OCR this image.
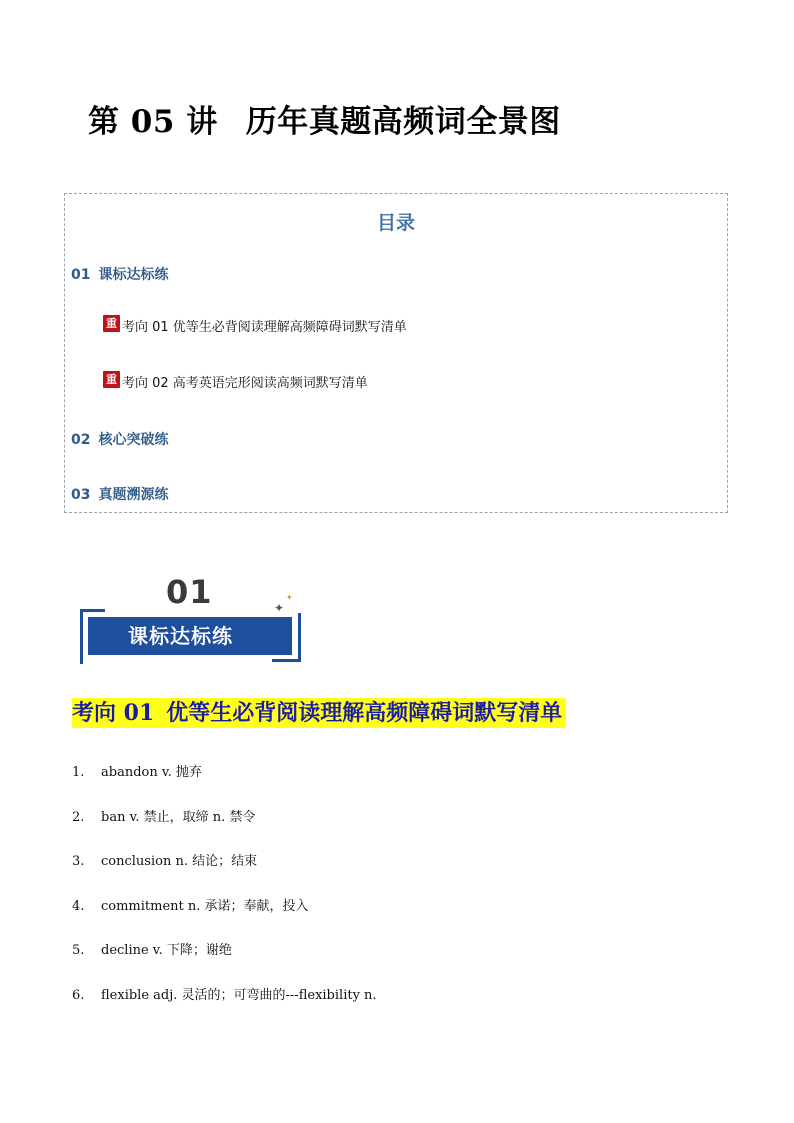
第 05 讲 历年真题高频词全景图
目录
01 课标达标练
重 考向 01 优等生必背阅读理解高频障碍词默写清单
重 考向 02 高考英语完形阅读高频词默写清单
02 核心突破练
03 真题溯源练
01
课标达标练
✦
✦
考向 01 优等生必背阅读理解高频障碍词默写清单
1. abandon v. 抛弃
2. ban v. 禁止，取缔 n. 禁令
3. conclusion n. 结论；结束
4. commitment n. 承诺；奉献，投入
5. decline v. 下降；谢绝
6. flexible adj. 灵活的；可弯曲的---flexibility n.
